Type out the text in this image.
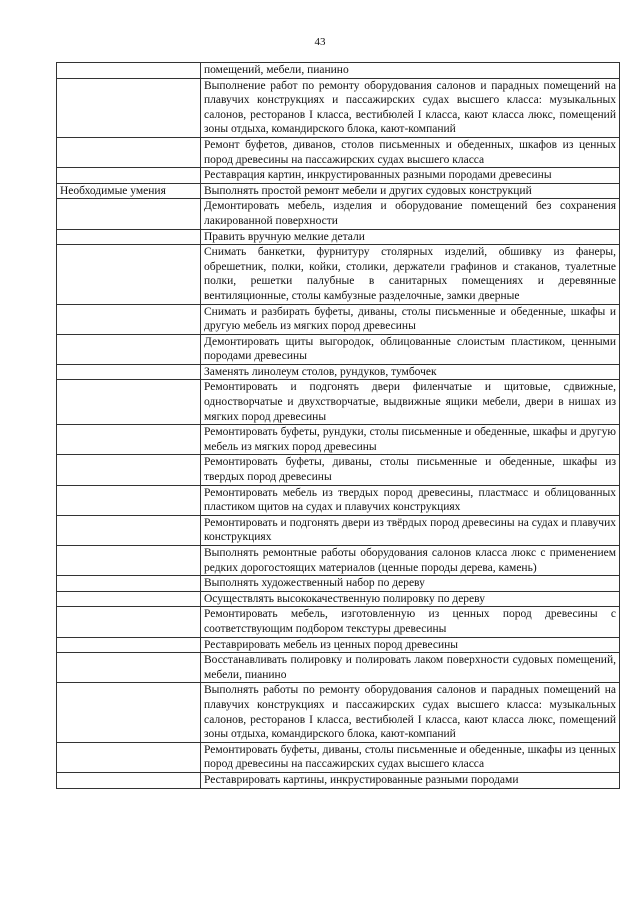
43
	помещений, мебели, пианино
	Выполнение работ по ремонту оборудования салонов и парадных помещений на плавучих конструкциях и пассажирских судах высшего класса: музыкальных салонов, ресторанов I класса, вестибюлей I класса, кают класса люкс, помещений зоны отдыха, командирского блока, кают-компаний
	Ремонт буфетов, диванов, столов письменных и обеденных, шкафов из ценных пород древесины на пассажирских судах высшего класса
	Реставрация картин, инкрустированных разными породами древесины

Необходимые умения	Выполнять простой ремонт мебели и других судовых конструкций
	Демонтировать мебель, изделия и оборудование помещений без сохранения лакированной поверхности
	Править вручную мелкие детали
	Снимать банкетки, фурнитуру столярных изделий, обшивку из фанеры, обрешетник, полки, койки, столики, держатели графинов и стаканов, туалетные полки, решетки палубные в санитарных помещениях и деревянные вентиляционные, столы камбузные разделочные, замки дверные
	Снимать и разбирать буфеты, диваны, столы письменные и обеденные, шкафы и другую мебель из мягких пород древесины
	Демонтировать щиты выгородок, облицованные слоистым пластиком, ценными породами древесины
	Заменять линолеум столов, рундуков, тумбочек
	Ремонтировать и подгонять двери филенчатые и щитовые, сдвижные, одностворчатые и двухстворчатые, выдвижные ящики мебели, двери в нишах из мягких пород древесины
	Ремонтировать буфеты, рундуки, столы письменные и обеденные, шкафы и другую мебель из мягких пород древесины
	Ремонтировать буфеты, диваны, столы письменные и обеденные, шкафы из твердых пород древесины
	Ремонтировать мебель из твердых пород древесины, пластмасс и облицованных пластиком щитов на судах и плавучих конструкциях
	Ремонтировать и подгонять двери из твёрдых пород древесины на судах и плавучих конструкциях
	Выполнять ремонтные работы оборудования салонов класса люкс с применением редких дорогостоящих материалов (ценные породы дерева, камень)
	Выполнять художественный набор по дереву
	Осуществлять высококачественную полировку по дереву
	Ремонтировать мебель, изготовленную из ценных пород древесины с соответствующим подбором текстуры древесины
	Реставрировать мебель из ценных пород древесины
	Восстанавливать полировку и полировать лаком поверхности судовых помещений, мебели, пианино
	Выполнять работы по ремонту оборудования салонов и парадных помещений на плавучих конструкциях и пассажирских судах высшего класса: музыкальных салонов, ресторанов I класса, вестибюлей I класса, кают класса люкс, помещений зоны отдыха, командирского блока, кают-компаний
	Ремонтировать буфеты, диваны, столы письменные и обеденные, шкафы из ценных пород древесины на пассажирских судах высшего класса
	Реставрировать картины, инкрустированные разными породами
